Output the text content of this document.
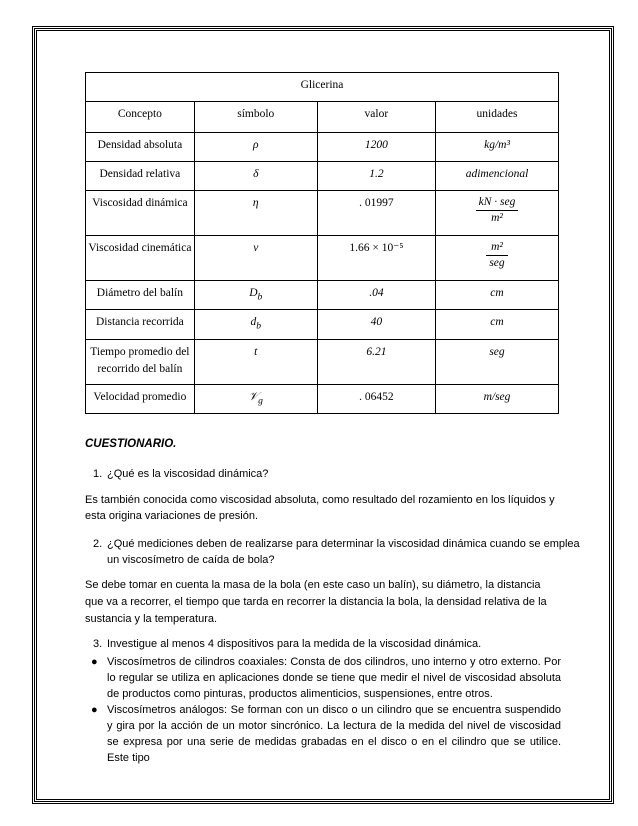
Glicerina			
Concepto	símbolo	valor	unidades
Densidad absoluta	ρ	1200	kg/m³
Densidad relativa	δ	1.2	adimencional
Viscosidad dinámica	η	. 01997	$\frac{\text{kN · seg}}{\text{m²}}$

Viscosidad cinemática	v	1.66 × 10⁻⁵	$\frac{\text{m²}}{\text{seg}}$

Diámetro del balín	$D_b$	.04	cm
Distancia recorrida	$d_b$	40	cm
Tiempo promedio del recorrido del balín	t	6.21	seg
Velocidad promedio	𝒱$_g$	. 06452	m/seg
CUESTIONARIO.
1. ¿Qué es la viscosidad dinámica?
Es también conocida como viscosidad absoluta, como resultado del rozamiento en los líquidos y esta origina variaciones de presión.
2. ¿Qué mediciones deben de realizarse para determinar la viscosidad dinámica cuando se emplea un viscosímetro de caída de bola?
Se debe tomar en cuenta la masa de la bola (en este caso un balín), su diámetro, la distancia que va a recorrer, el tiempo que tarda en recorrer la distancia la bola, la densidad relativa de la sustancia y la temperatura.
3. Investigue al menos 4 dispositivos para la medida de la viscosidad dinámica.
● Viscosímetros de cilindros coaxiales: Consta de dos cilindros, uno interno y otro externo. Por lo regular se utiliza en aplicaciones donde se tiene que medir el nivel de viscosidad absoluta de productos como pinturas, productos alimenticios, suspensiones, entre otros.
● Viscosímetros análogos: Se forman con un disco o un cilindro que se encuentra suspendido y gira por la acción de un motor sincrónico. La lectura de la medida del nivel de viscosidad se expresa por una serie de medidas grabadas en el disco o en el cilindro que se utilice. Este tipo
